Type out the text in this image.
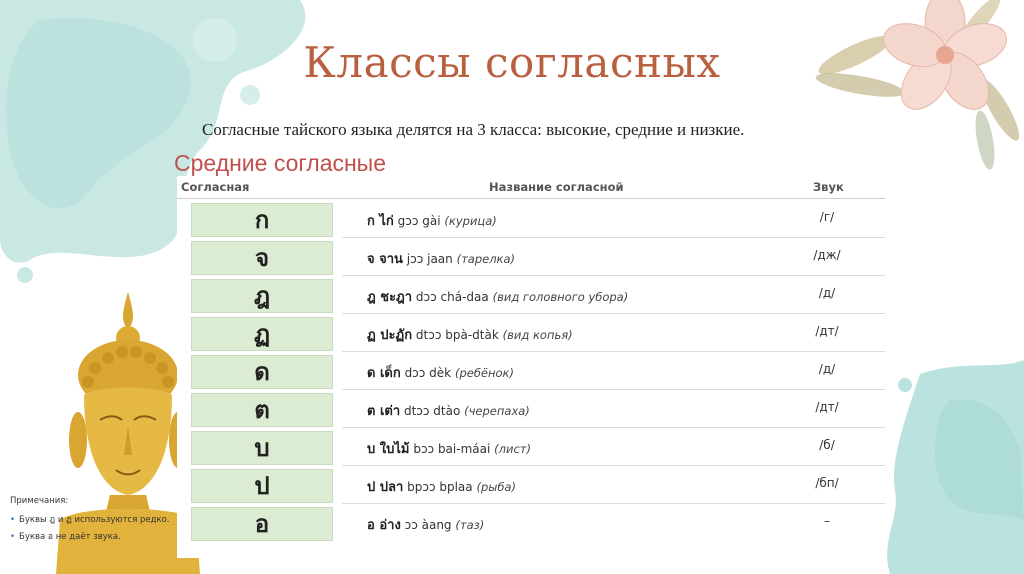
Классы согласных
Согласные тайского языка делятся на 3 класса: высокие, средние и низкие.
Средние согласные
Согласная	Название согласной	Звук
ก	ก ไก่ gɔɔ gài (курица)	/г/
จ	จ จาน jɔɔ jaan (тарелка)	/дж/
ฎ	ฎ ชะฎา dɔɔ chá-daa (вид головного убора)	/д/
ฏ	ฏ ปะฏัก dtɔɔ bpà-dtàk (вид копья)	/дт/
ด	ด เด็ก dɔɔ dèk (ребёнок)	/д/
ต	ต เต่า dtɔɔ dtào (черепаха)	/дт/
บ	บ ใบไม้ bɔɔ bai-máai (лист)	/б/
ป	ป ปลา bpɔɔ bplaa (рыба)	/бп/
อ	อ อ่าง ɔɔ àang (таз)	–
Примечания:
• Буквы ฎ и ฏ используются редко.
• Буква อ не даёт звука.
